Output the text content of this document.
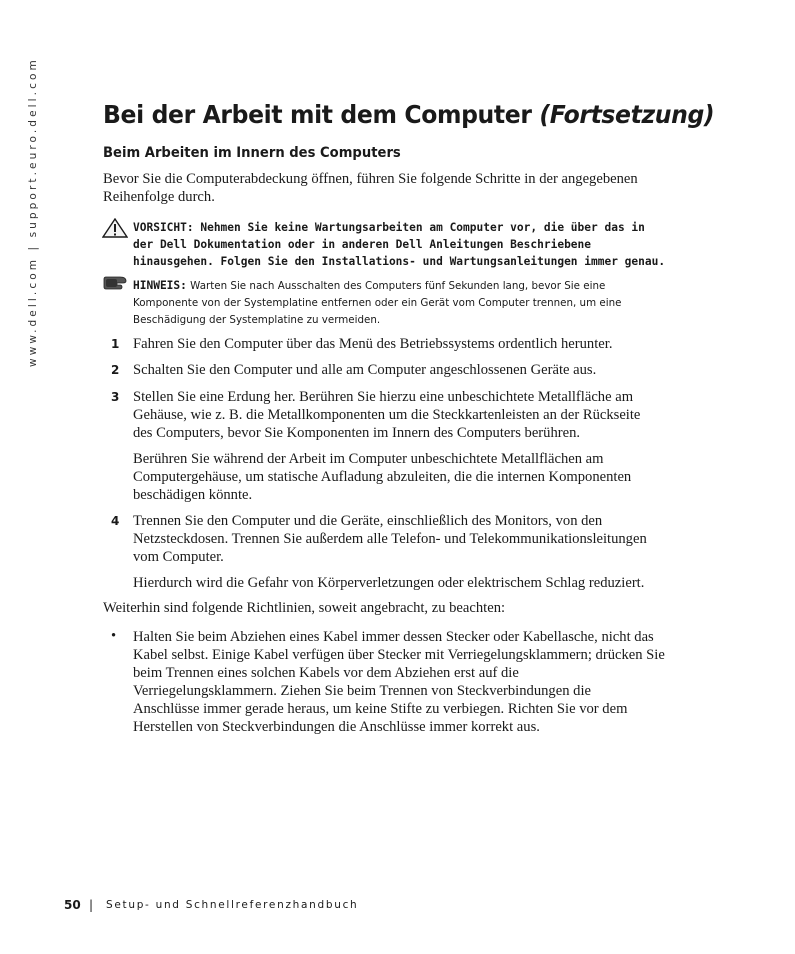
www.dell.com | support.euro.dell.com	Bei der Arbeit mit dem Computer (Fortsetzung)
Beim Arbeiten im Innern des Computers

Bevor Sie die Computerabdeckung öffnen, führen Sie folgende Schritte in der angegebenen

Reihenfolge durch.

VORSICHT: Nehmen Sie keine Wartungsarbeiten am Computer vor, die über das in
der Dell Dokumentation oder in anderen Dell Anleitungen Beschriebene
hinausgehen. Folgen Sie den Installations- und Wartungsanleitungen immer genau.
HINWEIS: Warten Sie nach Ausschalten des Computers fünf Sekunden lang, bevor Sie eine
Komponente von der Systemplatine entfernen oder ein Gerät vom Computer trennen, um eine
Beschädigung der Systemplatine zu vermeiden.

1 Fahren Sie den Computer über das Menü des Betriebssystems ordentlich herunter.

2 Schalten Sie den Computer und alle am Computer angeschlossenen Geräte aus.

3 Stellen Sie eine Erdung her. Berühren Sie hierzu eine unbeschichtete Metallfläche am

Gehäuse, wie z. B. die Metallkomponenten um die Steckkartenleisten an der Rückseite

des Computers, bevor Sie Komponenten im Innern des Computers berühren.

Berühren Sie während der Arbeit im Computer unbeschichtete Metallflächen am

Computergehäuse, um statische Aufladung abzuleiten, die die internen Komponenten

beschädigen könnte.

4 Trennen Sie den Computer und die Geräte, einschließlich des Monitors, von den

Netzsteckdosen. Trennen Sie außerdem alle Telefon- und Telekommunikationsleitungen

vom Computer.

Hierdurch wird die Gefahr von Körperverletzungen oder elektrischem Schlag reduziert.

Weiterhin sind folgende Richtlinien, soweit angebracht, zu beachten:

• Halten Sie beim Abziehen eines Kabel immer dessen Stecker oder Kabellasche, nicht das

Kabel selbst. Einige Kabel verfügen über Stecker mit Verriegelungsklammern; drücken Sie

beim Trennen eines solchen Kabels vor dem Abziehen erst auf die

Verriegelungsklammern. Ziehen Sie beim Trennen von Steckverbindungen die

Anschlüsse immer gerade heraus, um keine Stifte zu verbiegen. Richten Sie vor dem

Herstellen von Steckverbindungen die Anschlüsse immer korrekt aus.

50 | Setup- und Schnellreferenzhandbuch
